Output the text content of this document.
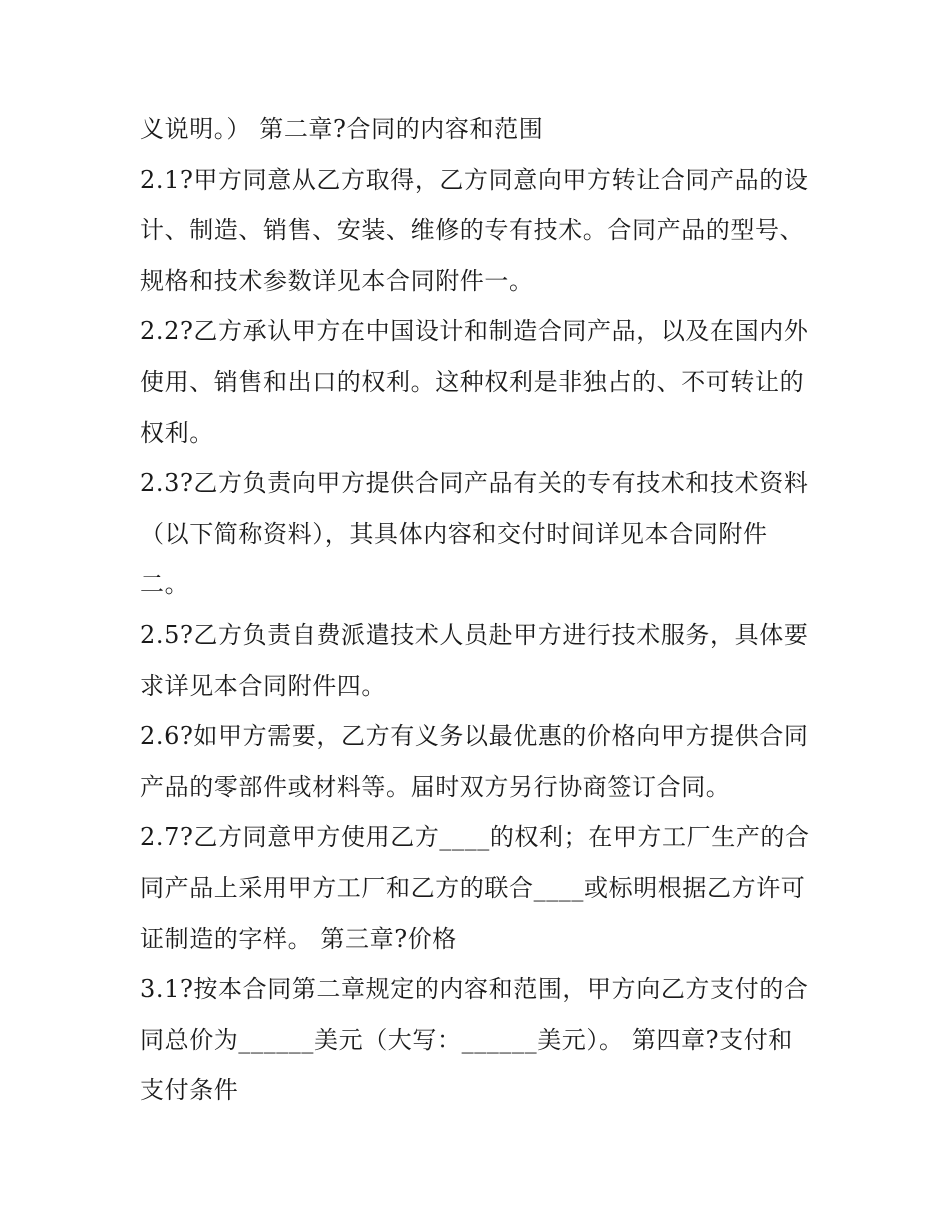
义说明。） 第二章?合同的内容和范围
2.1?甲方同意从乙方取得，乙方同意向甲方转让合同产品的设
计、制造、销售、安装、维修的专有技术。合同产品的型号、
规格和技术参数详见本合同附件一。
2.2?乙方承认甲方在中国设计和制造合同产品，以及在国内外
使用、销售和出口的权利。这种权利是非独占的、不可转让的
权利。
2.3?乙方负责向甲方提供合同产品有关的专有技术和技术资料
（以下简称资料），其具体内容和交付时间详见本合同附件
二。
2.5?乙方负责自费派遣技术人员赴甲方进行技术服务，具体要
求详见本合同附件四。
2.6?如甲方需要，乙方有义务以最优惠的价格向甲方提供合同
产品的零部件或材料等。届时双方另行协商签订合同。
2.7?乙方同意甲方使用乙方____的权利；在甲方工厂生产的合
同产品上采用甲方工厂和乙方的联合____或标明根据乙方许可
证制造的字样。 第三章?价格
3.1?按本合同第二章规定的内容和范围，甲方向乙方支付的合
同总价为______美元（大写：______美元）。 第四章?支付和
支付条件
